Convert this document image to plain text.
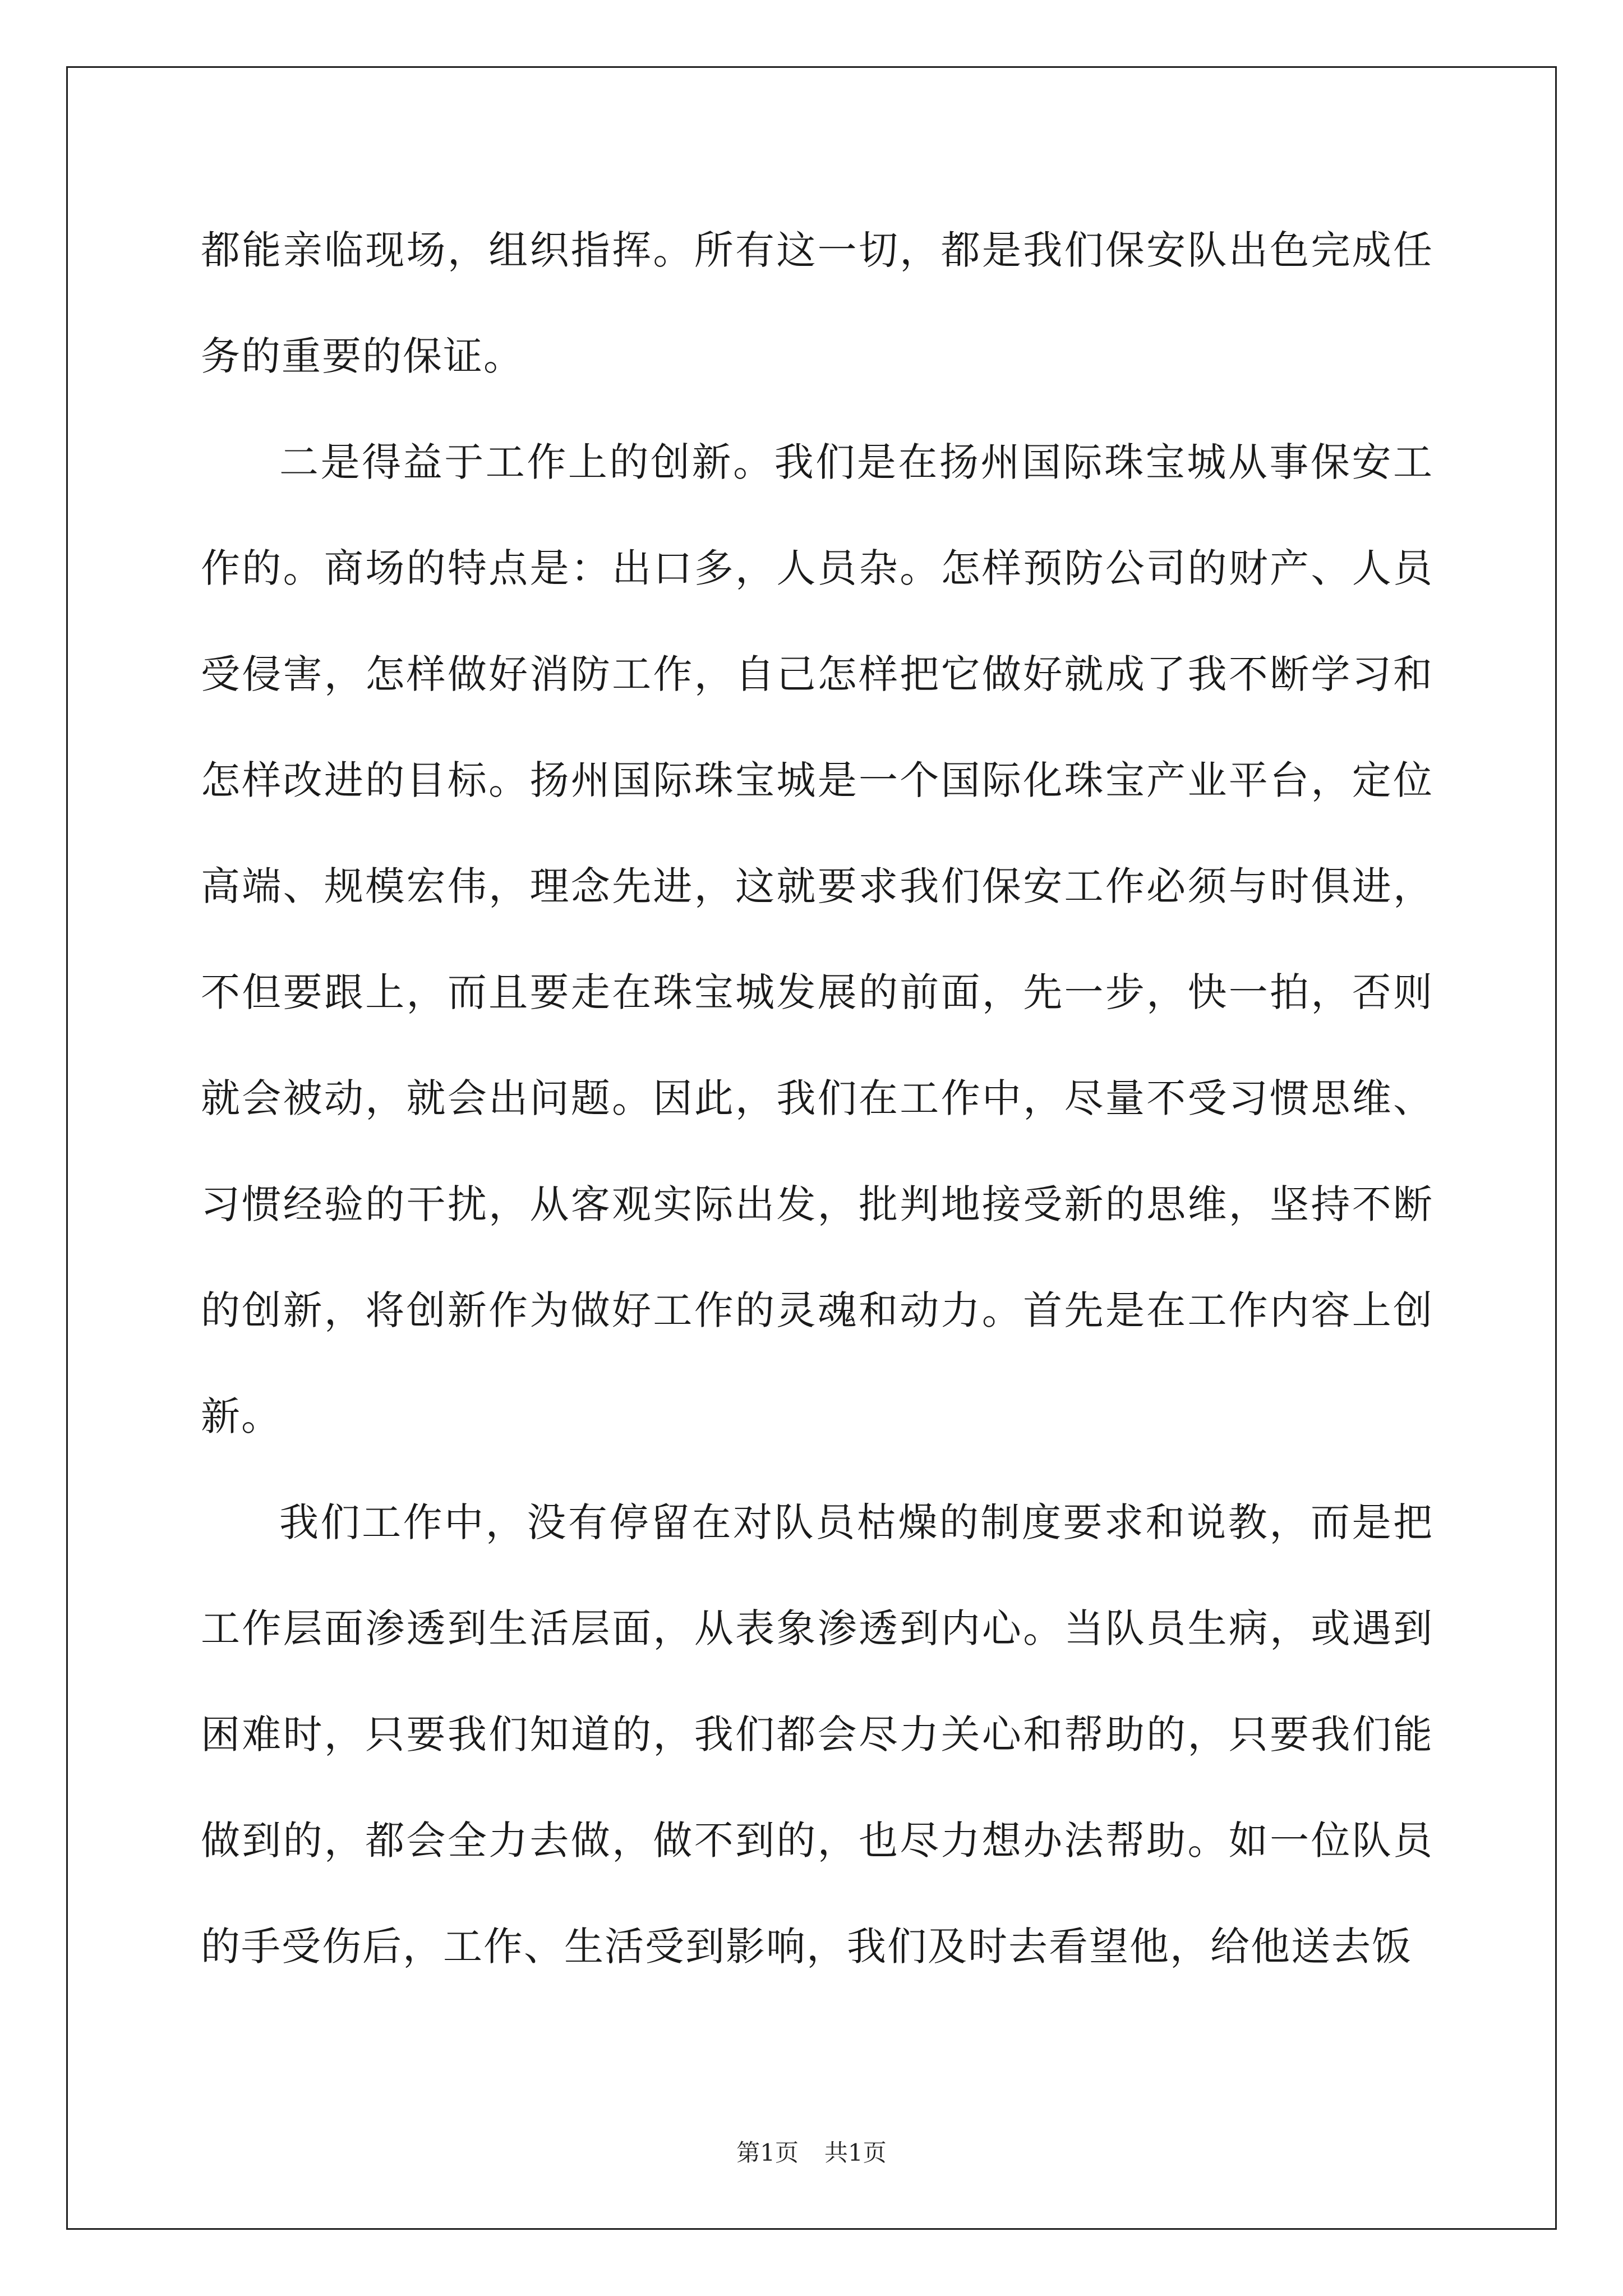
都能亲临现场，组织指挥。所有这一切，都是我们保安队出色完成任务的重要的保证。

二是得益于工作上的创新。我们是在扬州国际珠宝城从事保安工作的。商场的特点是：出口多，人员杂。怎样预防公司的财产、人员受侵害，怎样做好消防工作，自己怎样把它做好就成了我不断学习和怎样改进的目标。扬州国际珠宝城是一个国际化珠宝产业平台，定位高端、规模宏伟，理念先进，这就要求我们保安工作必须与时俱进，不但要跟上，而且要走在珠宝城发展的前面，先一步，快一拍，否则就会被动，就会出问题。因此，我们在工作中，尽量不受习惯思维、习惯经验的干扰，从客观实际出发，批判地接受新的思维，坚持不断的创新，将创新作为做好工作的灵魂和动力。首先是在工作内容上创新。

我们工作中，没有停留在对队员枯燥的制度要求和说教，而是把工作层面渗透到生活层面，从表象渗透到内心。当队员生病，或遇到困难时，只要我们知道的，我们都会尽力关心和帮助的，只要我们能做到的，都会全力去做，做不到的，也尽力想办法帮助。如一位队员的手受伤后，工作、生活受到影响，我们及时去看望他，给他送去饭

第1页 共1页
